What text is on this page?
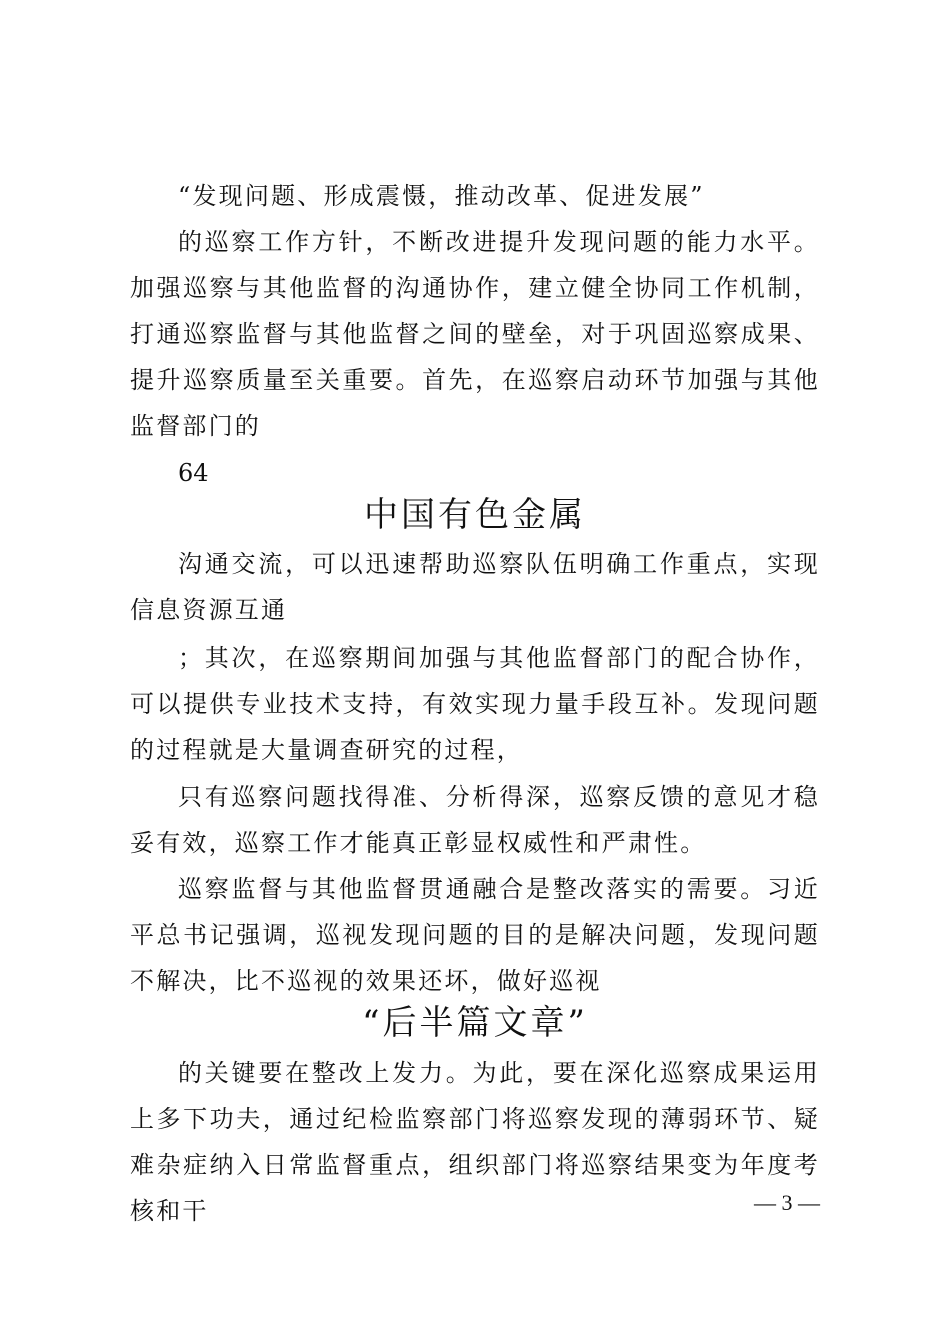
“发现问题、形成震慑，推动改革、促进发展”

的巡察工作方针，不断改进提升发现问题的能力水平。加强巡察与其他监督的沟通协作，建立健全协同工作机制，打通巡察监督与其他监督之间的壁垒，对于巩固巡察成果、提升巡察质量至关重要。首先，在巡察启动环节加强与其他监督部门的

64

中国有色金属

沟通交流，可以迅速帮助巡察队伍明确工作重点，实现信息资源互通

；其次，在巡察期间加强与其他监督部门的配合协作，可以提供专业技术支持，有效实现力量手段互补。发现问题的过程就是大量调查研究的过程，

只有巡察问题找得准、分析得深，巡察反馈的意见才稳妥有效，巡察工作才能真正彰显权威性和严肃性。

巡察监督与其他监督贯通融合是整改落实的需要。习近平总书记强调，巡视发现问题的目的是解决问题，发现问题不解决，比不巡视的效果还坏，做好巡视

“后半篇文章”

的关键要在整改上发力。为此，要在深化巡察成果运用上多下功夫，通过纪检监察部门将巡察发现的薄弱环节、疑难杂症纳入日常监督重点，组织部门将巡察结果变为年度考核和干	— 3 —
